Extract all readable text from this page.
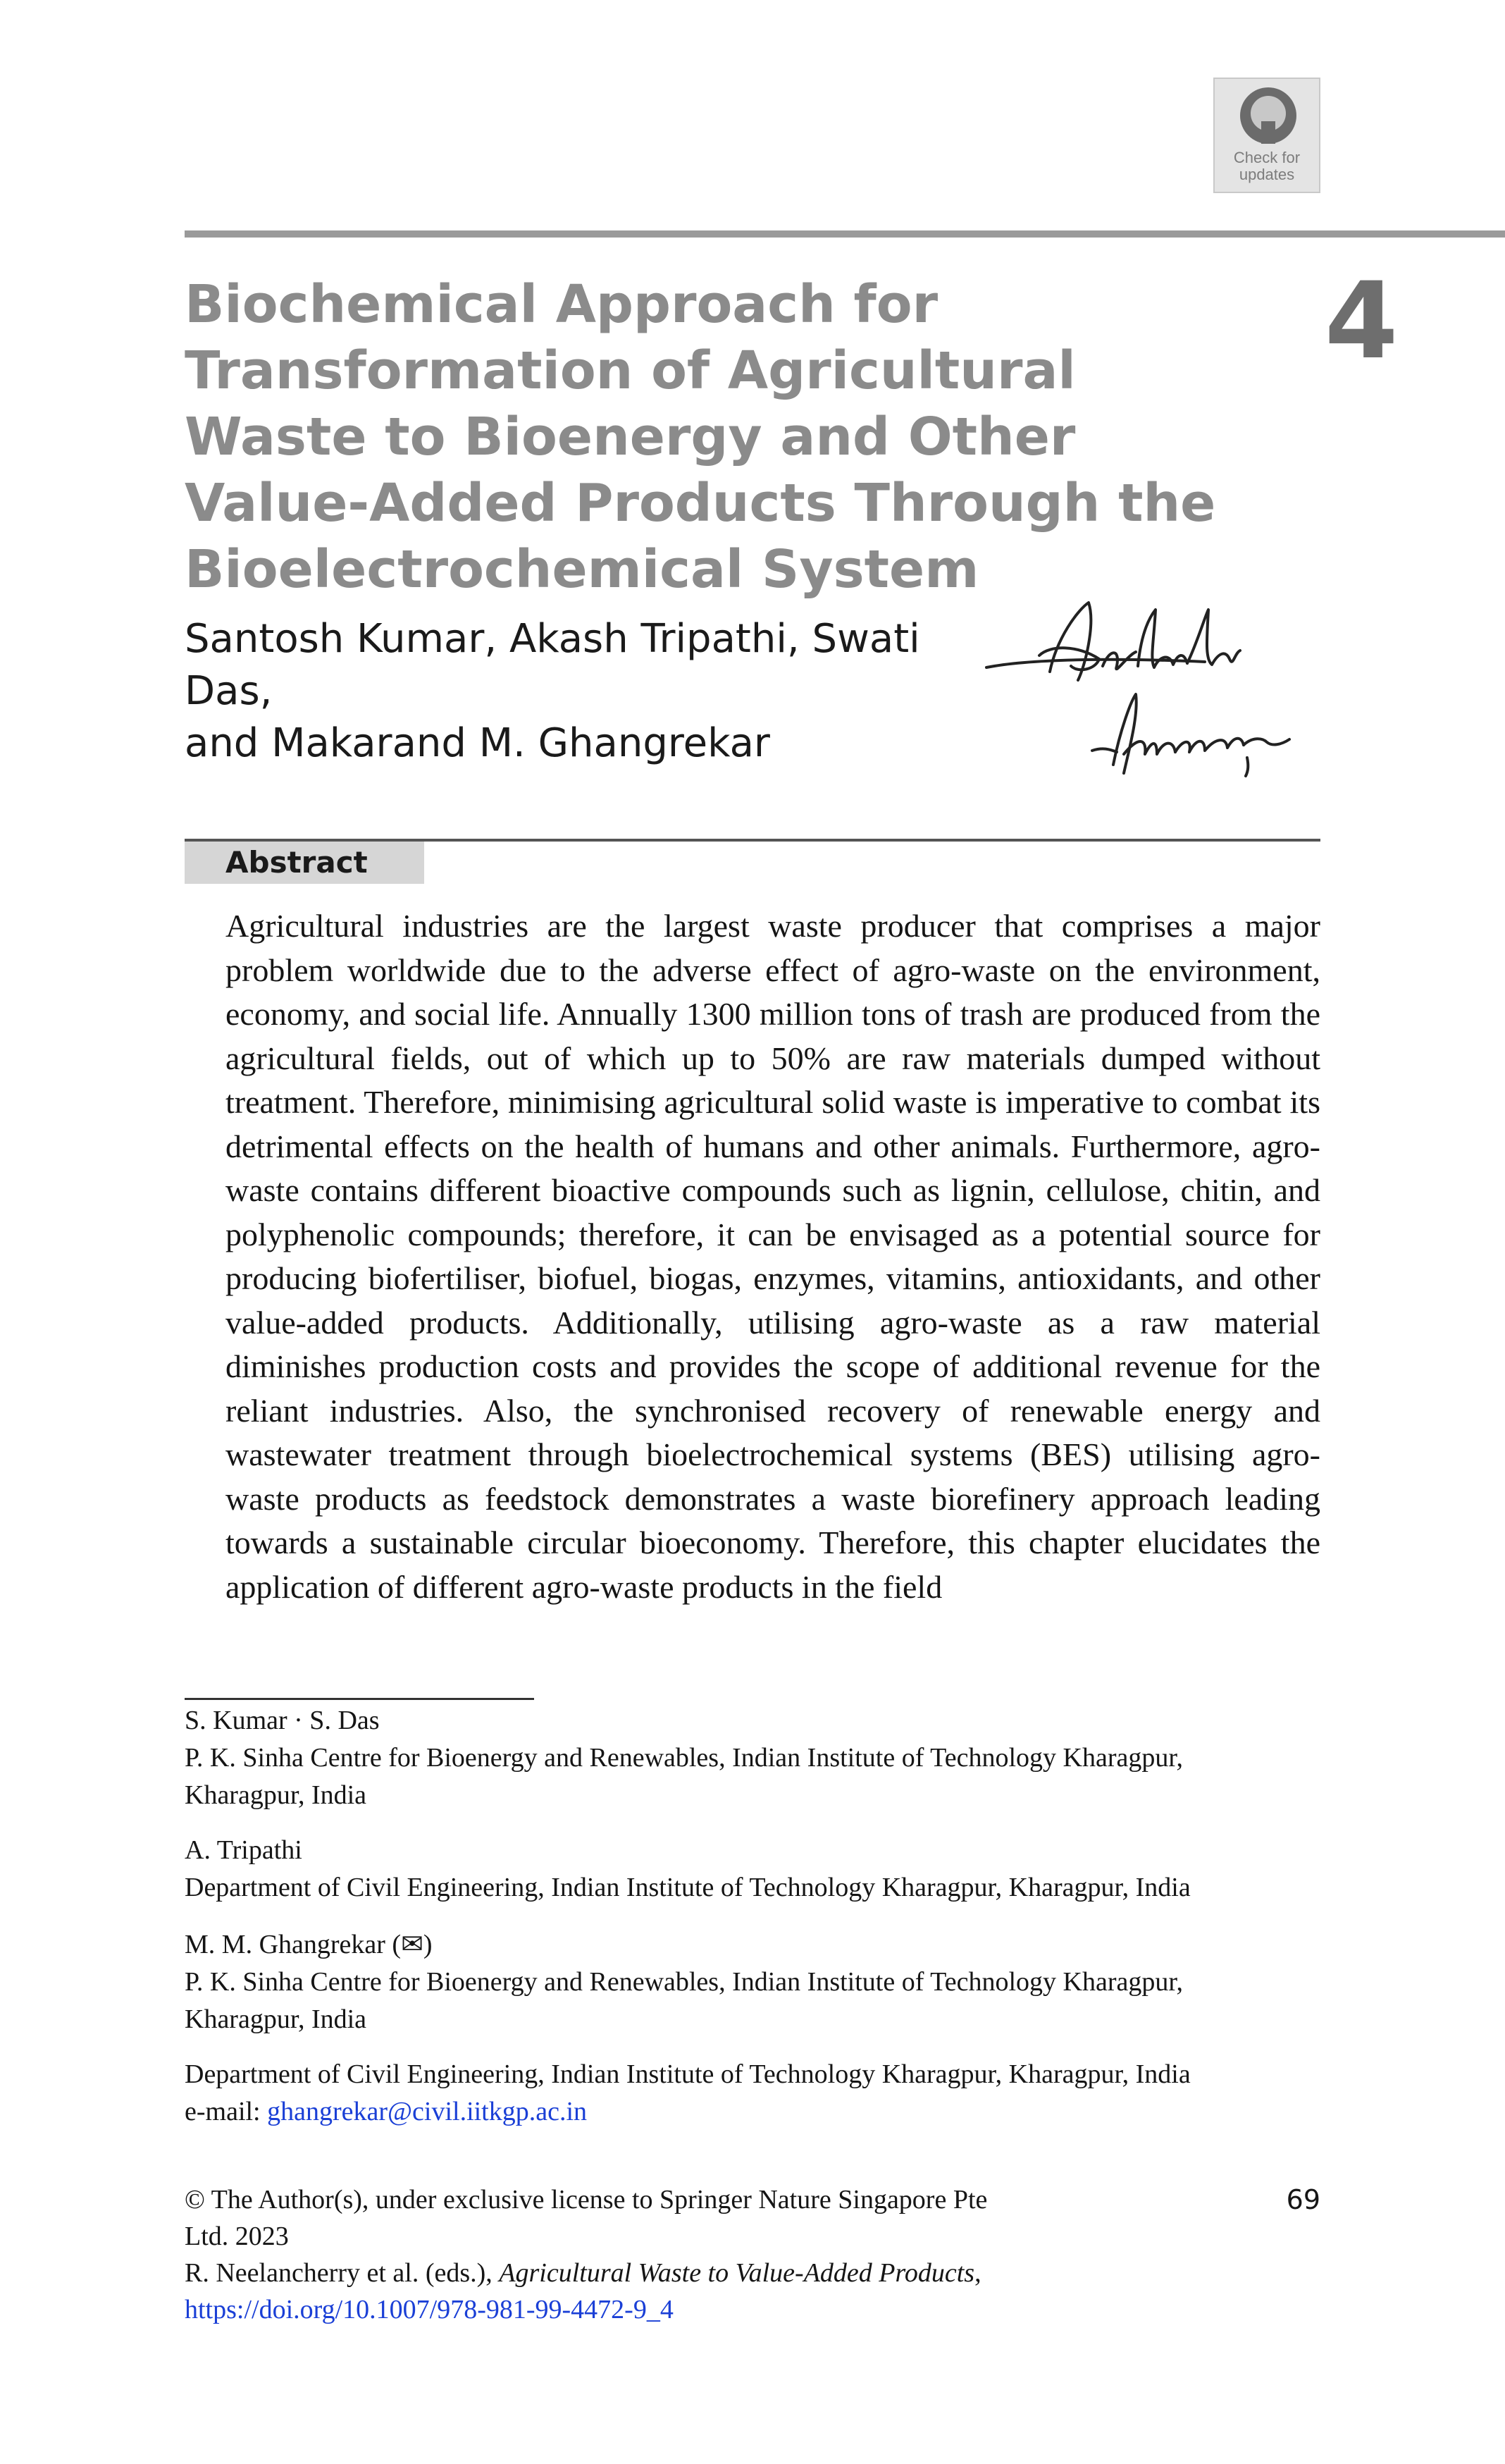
Check for
updates
Biochemical Approach for Transformation of Agricultural Waste to Bioenergy and Other Value-Added Products Through the Bioelectrochemical System
4
Santosh Kumar, Akash Tripathi, Swati Das,
and Makarand M. Ghangrekar
Abstract

Agricultural industries are the largest waste producer that comprises a major problem worldwide due to the adverse effect of agro-waste on the environment, economy, and social life. Annually 1300 million tons of trash are produced from the agricultural fields, out of which up to 50% are raw materials dumped without treatment. Therefore, minimising agricultural solid waste is imperative to combat its detrimental effects on the health of humans and other animals. Furthermore, agro-waste contains different bioactive compounds such as lignin, cellulose, chitin, and polyphenolic compounds; therefore, it can be envisaged as a potential source for producing biofertiliser, biofuel, biogas, enzymes, vitamins, antioxidants, and other value-added products. Additionally, utilising agro-waste as a raw material diminishes production costs and provides the scope of additional revenue for the reliant industries. Also, the synchronised recovery of renewable energy and wastewater treatment through bioelectrochemical systems (BES) utilising agro-waste products as feedstock demonstrates a waste biorefinery approach leading towards a sustainable circular bioeconomy. Therefore, this chapter elucidates the application of different agro-waste products in the field

S. Kumar · S. Das

P. K. Sinha Centre for Bioenergy and Renewables, Indian Institute of Technology Kharagpur,

Kharagpur, India

A. Tripathi

Department of Civil Engineering, Indian Institute of Technology Kharagpur, Kharagpur, India

M. M. Ghangrekar (✉)

P. K. Sinha Centre for Bioenergy and Renewables, Indian Institute of Technology Kharagpur,

Kharagpur, India

Department of Civil Engineering, Indian Institute of Technology Kharagpur, Kharagpur, India

e-mail: ghangrekar@civil.iitkgp.ac.in

© The Author(s), under exclusive license to Springer Nature Singapore Pte

Ltd. 2023

R. Neelancherry et al. (eds.), Agricultural Waste to Value-Added Products,

https://doi.org/10.1007/978-981-99-4472-9_4

69
